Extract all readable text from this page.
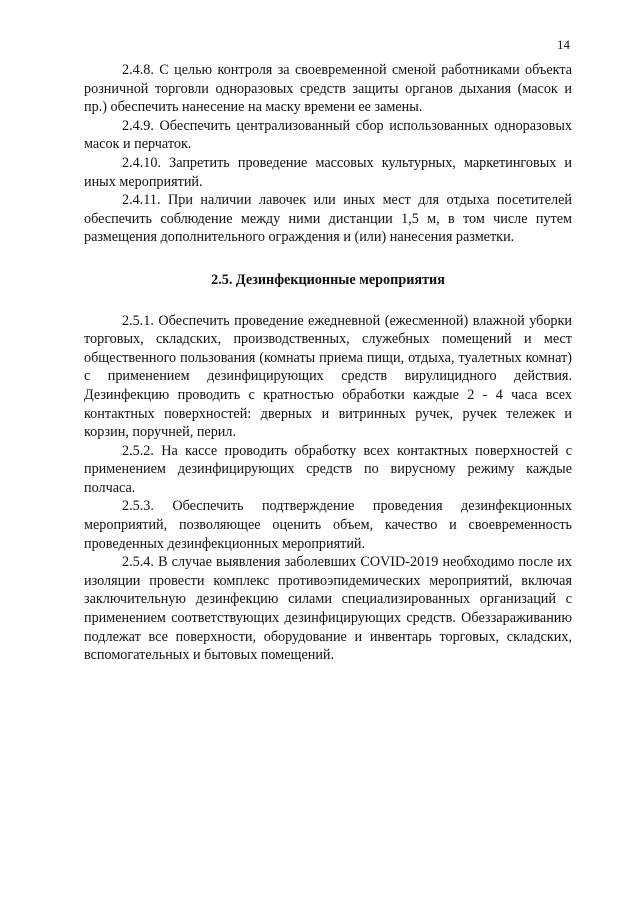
14

2.4.8. С целью контроля за своевременной сменой работниками объекта розничной торговли одноразовых средств защиты органов дыхания (масок и пр.) обеспечить нанесение на маску времени ее замены.

2.4.9. Обеспечить централизованный сбор использованных одноразовых масок и перчаток.

2.4.10. Запретить проведение массовых культурных, маркетинговых и иных мероприятий.

2.4.11. При наличии лавочек или иных мест для отдыха посетителей обеспечить соблюдение между ними дистанции 1,5 м, в том числе путем размещения дополнительного ограждения и (или) нанесения разметки.

2.5. Дезинфекционные мероприятия

2.5.1. Обеспечить проведение ежедневной (ежесменной) влажной уборки торговых, складских, производственных, служебных помещений и мест общественного пользования (комнаты приема пищи, отдыха, туалетных комнат) с применением дезинфицирующих средств вирулицидного действия. Дезинфекцию проводить с кратностью обработки каждые 2 - 4 часа всех контактных поверхностей: дверных и витринных ручек, ручек тележек и корзин, поручней, перил.

2.5.2. На кассе проводить обработку всех контактных поверхностей с применением дезинфицирующих средств по вирусному режиму каждые полчаса.

2.5.3. Обеспечить подтверждение проведения дезинфекционных мероприятий, позволяющее оценить объем, качество и своевременность проведенных дезинфекционных мероприятий.

2.5.4. В случае выявления заболевших COVID-2019 необходимо после их изоляции провести комплекс противоэпидемических мероприятий, включая заключительную дезинфекцию силами специализированных организаций с применением соответствующих дезинфицирующих средств. Обеззараживанию подлежат все поверхности, оборудование и инвентарь торговых, складских, вспомогательных и бытовых помещений.
